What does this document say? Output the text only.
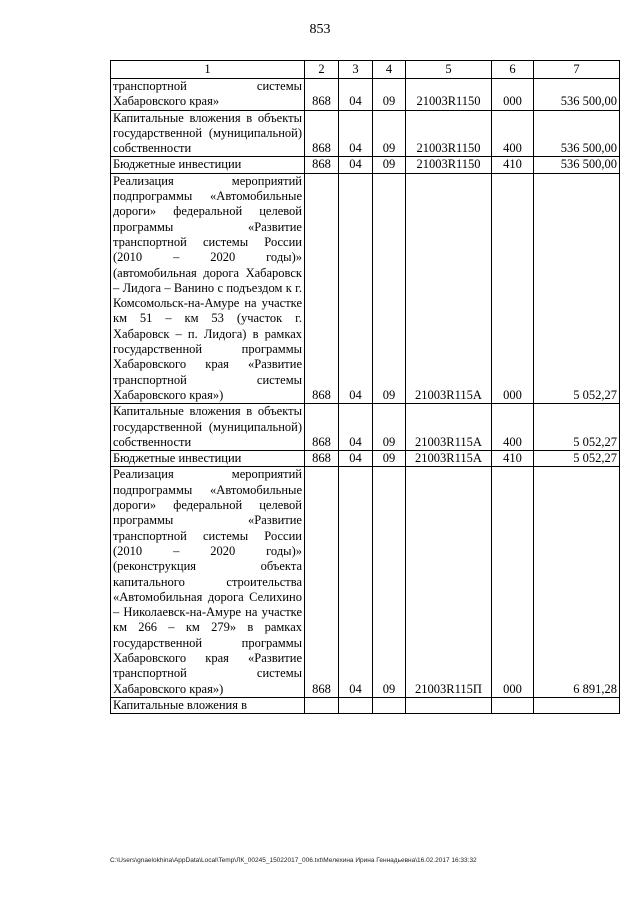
853
1	2	3	4	5	6	7
транспортной системы Хабаровского края»	868	04	09	21003R1150	000	536 500,00
Капитальные вложения в объекты государственной (муниципальной) собственности	868	04	09	21003R1150	400	536 500,00
Бюджетные инвестиции	868	04	09	21003R1150	410	536 500,00
Реализация мероприятий подпрограммы «Автомобильные дороги» федеральной целевой программы «Развитие транспортной системы России (2010 – 2020 годы)» (автомобильная дорога Хабаровск – Лидога – Ванино с подъездом к г. Комсомольск-на-Амуре на участке км 51 – км 53 (участок г. Хабаровск – п. Лидога) в рамках государственной программы Хабаровского края «Развитие транспортной системы Хабаровского края»)	868	04	09	21003R115A	000	5 052,27
Капитальные вложения в объекты государственной (муниципальной) собственности	868	04	09	21003R115A	400	5 052,27
Бюджетные инвестиции	868	04	09	21003R115A	410	5 052,27
Реализация мероприятий подпрограммы «Автомобильные дороги» федеральной целевой программы «Развитие транспортной системы России (2010 – 2020 годы)» (реконструкция объекта капитального строительства «Автомобильная дорога Селихино – Николаевск-на-Амуре на участке км 266 – км 279» в рамках государственной программы Хабаровского края «Развитие транспортной системы Хабаровского края»)	868	04	09	21003R115П	000	6 891,28
Капитальные вложения в						
C:\Users\gnaelokhina\AppData\Local\Temp\ЛК_00245_15022017_006.txt\Мелехина Ирина Геннадьевна\16.02.2017 16:33:32
